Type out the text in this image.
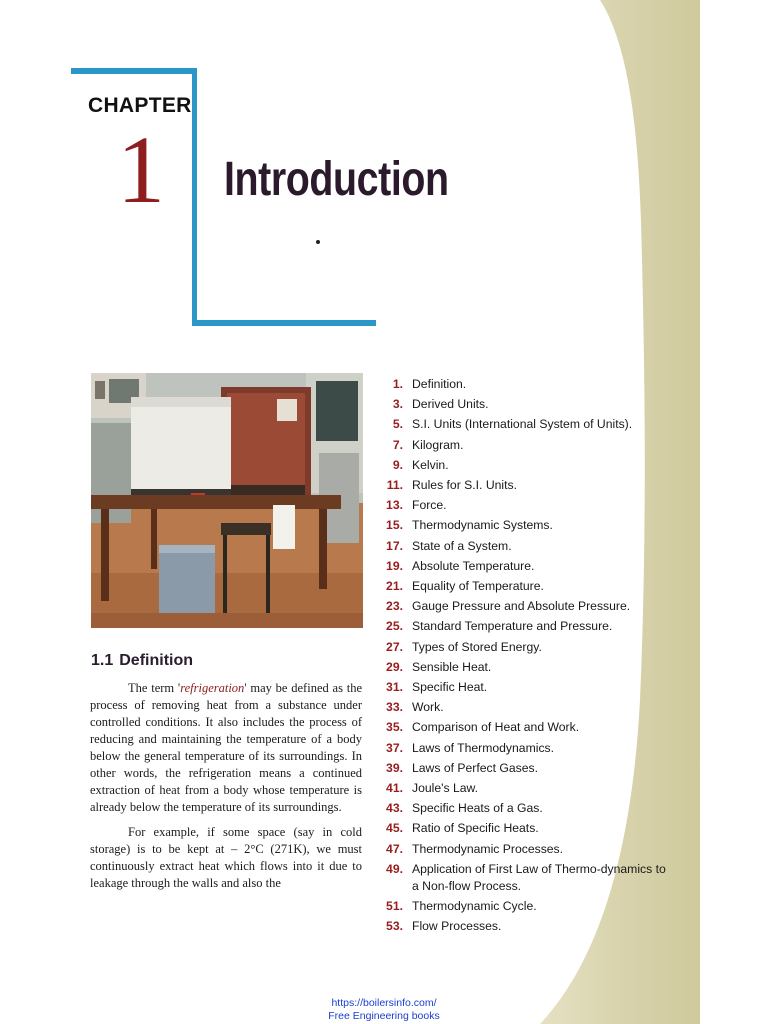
CHAPTER
1 Introduction
1.1 Definition

The term 'refrigeration' may be defined as the process of removing heat from a substance under controlled conditions. It also includes the process of reducing and maintaining the temperature of a body below the general temperature of its surroundings. In other words, the refrigeration means a continued extraction of heat from a body whose temperature is already below the temperature of its surroundings.

For example, if some space (say in cold storage) is to be kept at – 2°C (271K), we must continuously extract heat which flows into it due to leakage through the walls and also the

1. Definition.
3. Derived Units.
5. S.I. Units (International System of Units).
7. Kilogram.
9. Kelvin.
11. Rules for S.I. Units.
13. Force.
15. Thermodynamic Systems.
17. State of a System.
19. Absolute Temperature.
21. Equality of Temperature.
23. Gauge Pressure and Absolute Pressure.
25. Standard Temperature and Pressure.
27. Types of Stored Energy.
29. Sensible Heat.
31. Specific Heat.
33. Work.
35. Comparison of Heat and Work.
37. Laws of Thermodynamics.
39. Laws of Perfect Gases.
41. Joule's Law.
43. Specific Heats of a Gas.
45. Ratio of Specific Heats.
47. Thermodynamic Processes.
49. Application of First Law of Thermo-dynamics to a Non-flow Process.
51. Thermodynamic Cycle.
53. Flow Processes.
https://boilersinfo.com/
Free Engineering books
